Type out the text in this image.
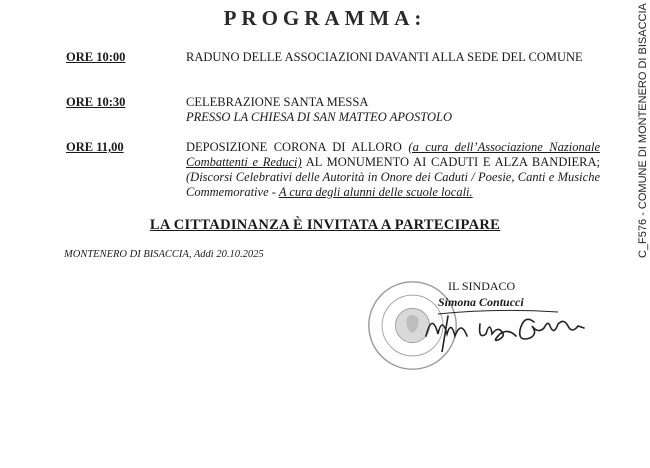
PROGRAMMA:
ORE 10:00	RADUNO DELLE ASSOCIAZIONI DAVANTI ALLA SEDE DEL COMUNE
ORE 10:30	CELEBRAZIONE SANTA MESSA
PRESSO LA CHIESA DI SAN MATTEO APOSTOLO
ORE 11,00	DEPOSIZIONE CORONA DI ALLORO (a cura dell’Associazione Nazionale Combattenti e Reduci) AL MONUMENTO AI CADUTI E ALZA BANDIERA; (Discorsi Celebrativi delle Autorità in Onore dei Caduti / Poesie, Canti e Musiche Commemorative - A cura degli alunni delle scuole locali.
LA CITTADINANZA È INVITATA A PARTECIPARE
MONTENERO DI BISACCIA, Addì 20.10.2025
IL SINDACO
Simona Contucci
C_F576 - COMUNE DI MONTENERO DI BISACCIA
